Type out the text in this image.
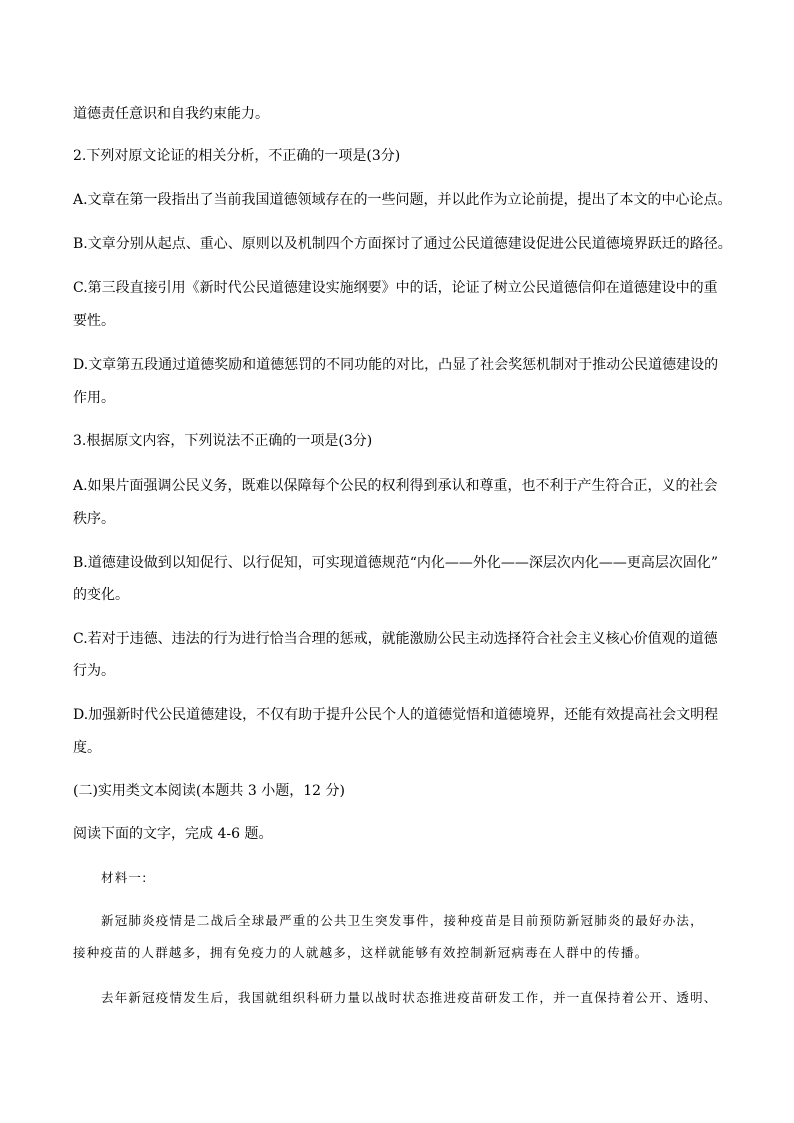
道德责任意识和自我约束能力。
2.下列对原文论证的相关分析，不正确的一项是(3分)
A.文章在第一段指出了当前我国道德领域存在的一些问题，并以此作为立论前提，提出了本文的中心论点。
B.文章分别从起点、重心、原则以及机制四个方面探讨了通过公民道德建设促进公民道德境界跃迁的路径。
C.第三段直接引用《新时代公民道德建设实施纲要》中的话，论证了树立公民道德信仰在道德建设中的重
要性。
D.文章第五段通过道德奖励和道德惩罚的不同功能的对比，凸显了社会奖惩机制对于推动公民道德建设的
作用。
3.根据原文内容，下列说法不正确的一项是(3分)
A.如果片面强调公民义务，既难以保障每个公民的权利得到承认和尊重，也不利于产生符合正，义的社会
秩序。
B.道德建设做到以知促行、以行促知，可实现道德规范“内化——外化——深层次内化——更高层次固化”
的变化。
C.若对于违德、违法的行为进行恰当合理的惩戒，就能激励公民主动选择符合社会主义核心价值观的道德
行为。
D.加强新时代公民道德建设，不仅有助于提升公民个人的道德觉悟和道德境界，还能有效提高社会文明程
度。
(二)实用类文本阅读(本题共 3 小题，12 分)
阅读下面的文字，完成 4-6 题。
材料一:
新冠肺炎疫情是二战后全球最严重的公共卫生突发事件，接种疫苗是目前预防新冠肺炎的最好办法，
接种疫苗的人群越多，拥有免疫力的人就越多，这样就能够有效控制新冠病毒在人群中的传播。
去年新冠疫情发生后，我国就组织科研力量以战时状态推进疫苗研发工作，并一直保持着公开、透明、
